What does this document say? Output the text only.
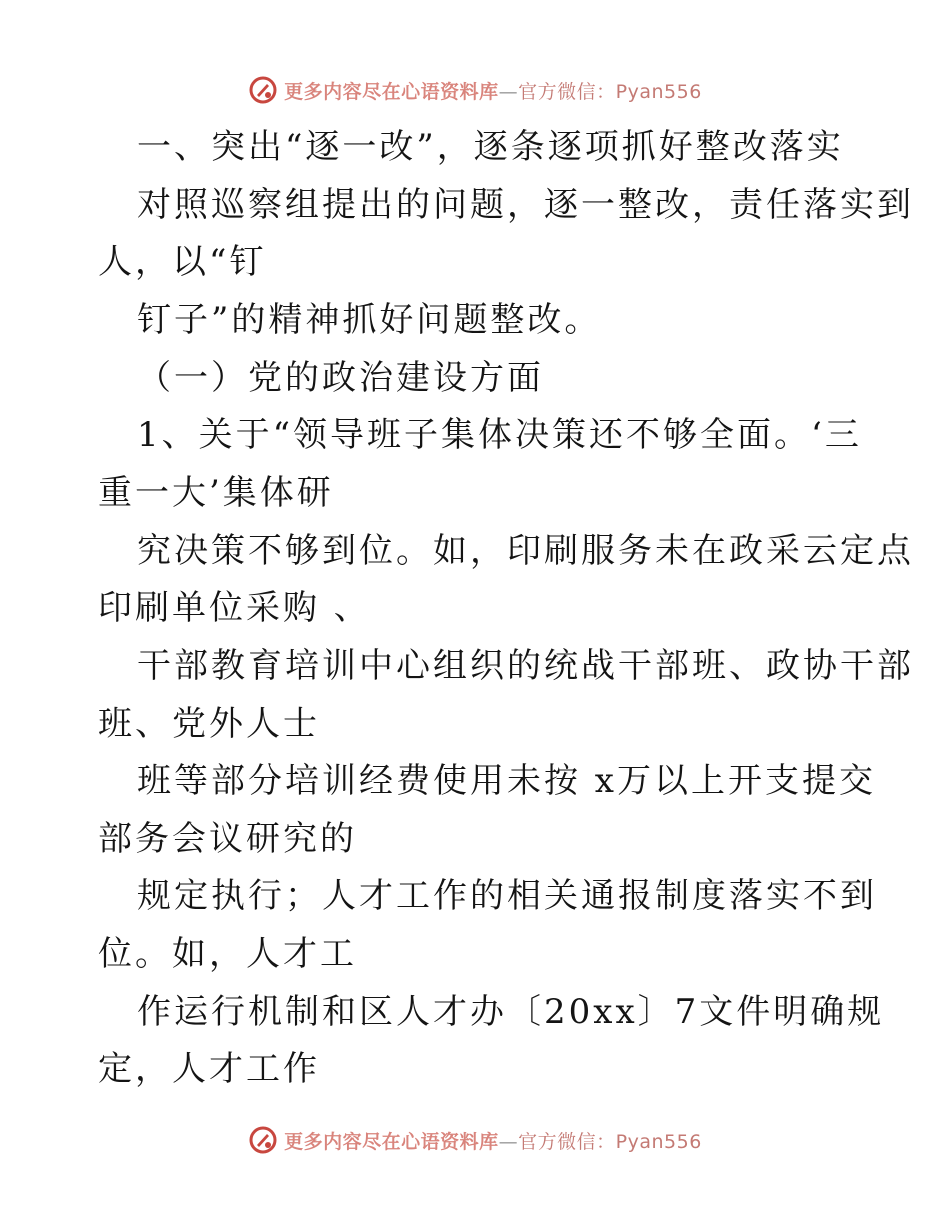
更多内容尽在心语资料库—官方微信：Pyan556
一、突出“逐一改”，逐条逐项抓好整改落实
对照巡察组提出的问题，逐一整改，责任落实到
人，以“钉
钉子”的精神抓好问题整改。
（一）党的政治建设方面
1、关于“领导班子集体决策还不够全面。‘三
重一大’集体研
究决策不够到位。如，印刷服务未在政采云定点
印刷单位采购 、
干部教育培训中心组织的统战干部班、政协干部
班、党外人士
班等部分培训经费使用未按 x万以上开支提交
部务会议研究的
规定执行；人才工作的相关通报制度落实不到
位。如，人才工
作运行机制和区人才办〔20xx〕7文件明确规
定，人才工作
更多内容尽在心语资料库—官方微信：Pyan556
